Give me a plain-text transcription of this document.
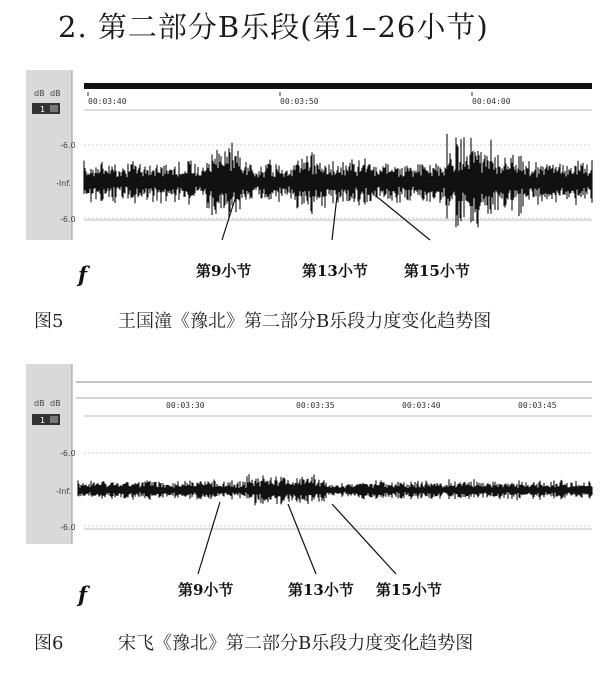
2. 第二部分B乐段(第1–26小节)
dB dB
1
00:03:40	00:03:50	00:04:00
-6.0
-Inf.
-6.0
f	第9小节	第13小节 第15小节
图5	王国潼《豫北》第二部分B乐段力度变化趋势图
dB dB
1
00:03:30	00:03:35	00:03:40	00:03:45
-6.0
-Inf.
-6.0
f	第9小节	第13小节 第15小节
图6	宋飞《豫北》第二部分B乐段力度变化趋势图
